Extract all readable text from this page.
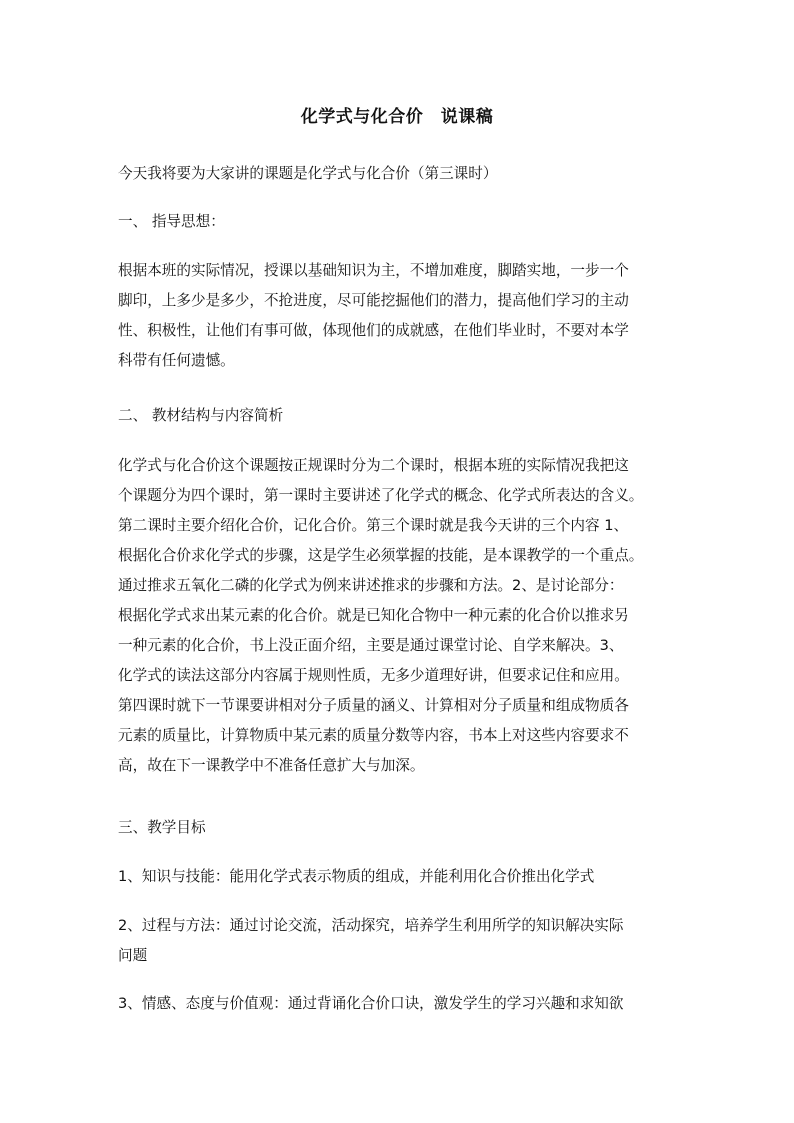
化学式与化合价　说课稿
今天我将要为大家讲的课题是化学式与化合价（第三课时）
一、 指导思想：
根据本班的实际情况，授课以基础知识为主，不增加难度，脚踏实地，一步一个
脚印，上多少是多少，不抢进度，尽可能挖掘他们的潜力，提高他们学习的主动
性、积极性，让他们有事可做，体现他们的成就感，在他们毕业时，不要对本学
科带有任何遗憾。
二、 教材结构与内容简析
化学式与化合价这个课题按正规课时分为二个课时，根据本班的实际情况我把这
个课题分为四个课时，第一课时主要讲述了化学式的概念、化学式所表达的含义。
第二课时主要介绍化合价，记化合价。第三个课时就是我今天讲的三个内容 1、
根据化合价求化学式的步骤，这是学生必须掌握的技能，是本课教学的一个重点。
通过推求五氧化二磷的化学式为例来讲述推求的步骤和方法。2、是讨论部分：
根据化学式求出某元素的化合价。就是已知化合物中一种元素的化合价以推求另
一种元素的化合价，书上没正面介绍，主要是通过课堂讨论、自学来解决。3、
化学式的读法这部分内容属于规则性质，无多少道理好讲，但要求记住和应用。
第四课时就下一节课要讲相对分子质量的涵义、计算相对分子质量和组成物质各
元素的质量比，计算物质中某元素的质量分数等内容，书本上对这些内容要求不
高，故在下一课教学中不准备任意扩大与加深。
三、教学目标
1、知识与技能：能用化学式表示物质的组成，并能利用化合价推出化学式
2、过程与方法：通过讨论交流，活动探究，培养学生利用所学的知识解决实际
问题
3、情感、态度与价值观：通过背诵化合价口诀，激发学生的学习兴趣和求知欲
